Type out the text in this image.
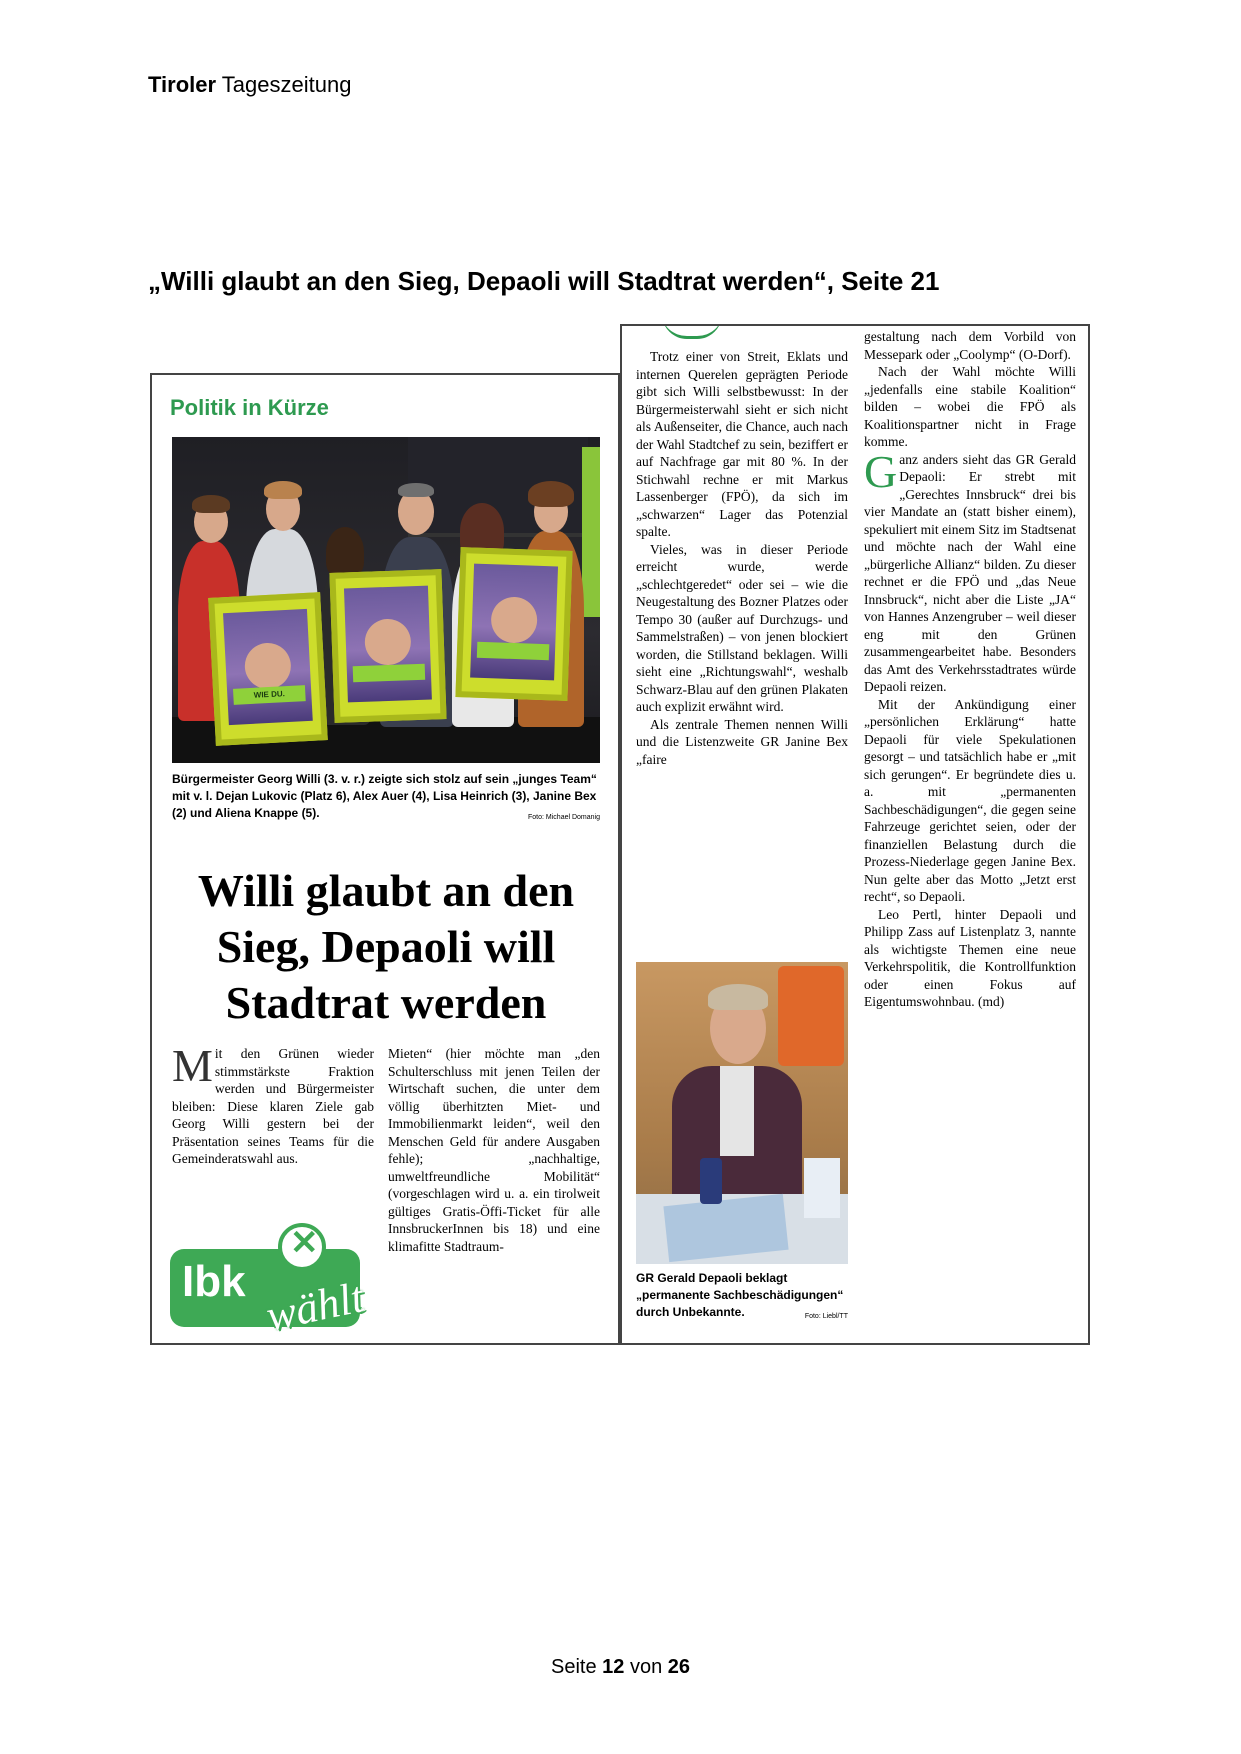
Tiroler Tageszeitung
„Willi glaubt an den Sieg, Depaoli will Stadtrat werden“, Seite 21
Politik in Kürze
WIE DU.
Bürgermeister Georg Willi (3. v. r.) zeigte sich stolz auf sein „junges Team“ mit v. l. Dejan Lukovic (Platz 6), Alex Auer (4), Lisa Heinrich (3), Janine Bex (2) und Aliena Knappe (5).	Foto: Michael Domanig
Willi glaubt an den Sieg, Depaoli will Stadtrat werden
M it den Grünen wieder stimmstärkste Fraktion werden und Bürgermeister bleiben: Diese klaren Ziele gab Georg Willi gestern bei der Präsentation seines Teams für die Gemeinderatswahl aus.

Mieten“ (hier möchte man „den Schulterschluss mit jenen Teilen der Wirtschaft suchen, die unter dem völlig überhitzten Miet- und Immobilienmarkt leiden“, weil den Menschen Geld für andere Ausgaben fehle); „nachhaltige, umweltfreundliche Mobilität“ (vorgeschlagen wird u. a. ein tirolweit gültiges Gratis-Öffi-Ticket für alle InnsbruckerInnen bis 18) und eine klimafitte Stadtraum-

✕
Ibk wählt

Trotz einer von Streit, Eklats und internen Querelen geprägten Periode gibt sich Willi selbstbewusst: In der Bürgermeisterwahl sieht er sich nicht als Außenseiter, die Chance, auch nach der Wahl Stadtchef zu sein, beziffert er auf Nachfrage gar mit 80 %. In der Stichwahl rechne er mit Markus Lassenberger (FPÖ), da sich im „schwarzen“ Lager das Potenzial spalte.

Vieles, was in dieser Periode erreicht wurde, werde „schlechtgeredet“ oder sei – wie die Neugestaltung des Bozner Platzes oder Tempo 30 (außer auf Durchzugs- und Sammelstraßen) – von jenen blockiert worden, die Stillstand beklagen. Willi sieht eine „Richtungswahl“, weshalb Schwarz-Blau auf den grünen Plakaten auch explizit erwähnt wird.

Als zentrale Themen nennen Willi und die Listenzweite GR Janine Bex „faire

GR Gerald Depaoli beklagt „permanente Sachbeschädigungen“ durch Unbekannte.	Foto: Liebl/TT

gestaltung nach dem Vorbild von Messepark oder „Coolymp“ (O-Dorf).

Nach der Wahl möchte Willi „jedenfalls eine stabile Koalition“ bilden – wobei die FPÖ als Koalitionspartner nicht in Frage komme.

Ganz anders sieht das GR Gerald Depaoli: Er strebt mit „Gerechtes Innsbruck“ drei bis vier Mandate an (statt bisher einem), spekuliert mit einem Sitz im Stadtsenat und möchte nach der Wahl eine „bürgerliche Allianz“ bilden. Zu dieser rechnet er die FPÖ und „das Neue Innsbruck“, nicht aber die Liste „JA“ von Hannes Anzengruber – weil dieser eng mit den Grünen zusammengearbeitet habe. Besonders das Amt des Verkehrsstadtrates würde Depaoli reizen.

Mit der Ankündigung einer „persönlichen Erklärung“ hatte Depaoli für viele Spekulationen gesorgt – und tatsächlich habe er „mit sich gerungen“. Er begründete dies u. a. mit „permanenten Sachbeschädigungen“, die gegen seine Fahrzeuge gerichtet seien, oder der finanziellen Belastung durch die Prozess-Niederlage gegen Janine Bex. Nun gelte aber das Motto „Jetzt erst recht“, so Depaoli.

Leo Pertl, hinter Depaoli und Philipp Zass auf Listenplatz 3, nannte als wichtigste Themen eine neue Verkehrspolitik, die Kontrollfunktion oder einen Fokus auf Eigentumswohnbau. (md)

Seite 12 von 26
